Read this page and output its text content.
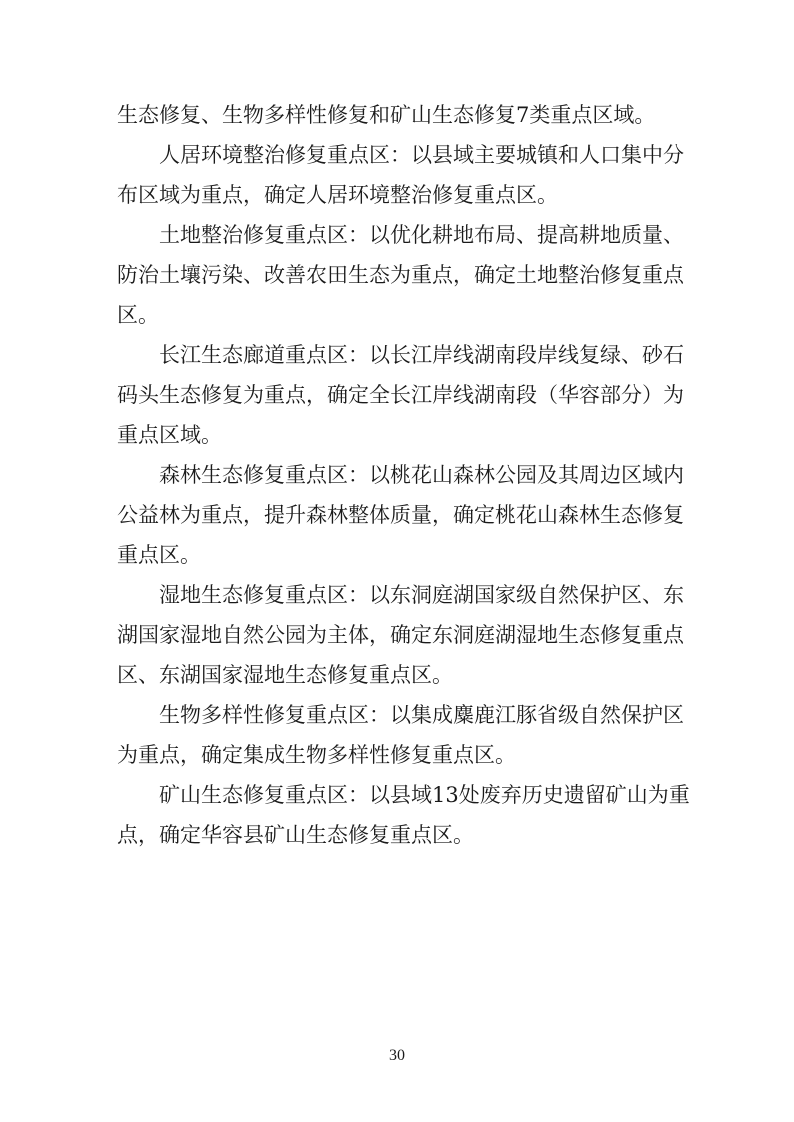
生态修复、生物多样性修复和矿山生态修复7类重点区域。
人居环境整治修复重点区：以县域主要城镇和人口集中分
布区域为重点，确定人居环境整治修复重点区。
土地整治修复重点区：以优化耕地布局、提高耕地质量、
防治土壤污染、改善农田生态为重点，确定土地整治修复重点
区。
长江生态廊道重点区：以长江岸线湖南段岸线复绿、砂石
码头生态修复为重点，确定全长江岸线湖南段（华容部分）为
重点区域。
森林生态修复重点区：以桃花山森林公园及其周边区域内
公益林为重点，提升森林整体质量，确定桃花山森林生态修复
重点区。
湿地生态修复重点区：以东洞庭湖国家级自然保护区、东
湖国家湿地自然公园为主体，确定东洞庭湖湿地生态修复重点
区、东湖国家湿地生态修复重点区。
生物多样性修复重点区：以集成麋鹿江豚省级自然保护区
为重点，确定集成生物多样性修复重点区。
矿山生态修复重点区：以县域13处废弃历史遗留矿山为重
点，确定华容县矿山生态修复重点区。
30
